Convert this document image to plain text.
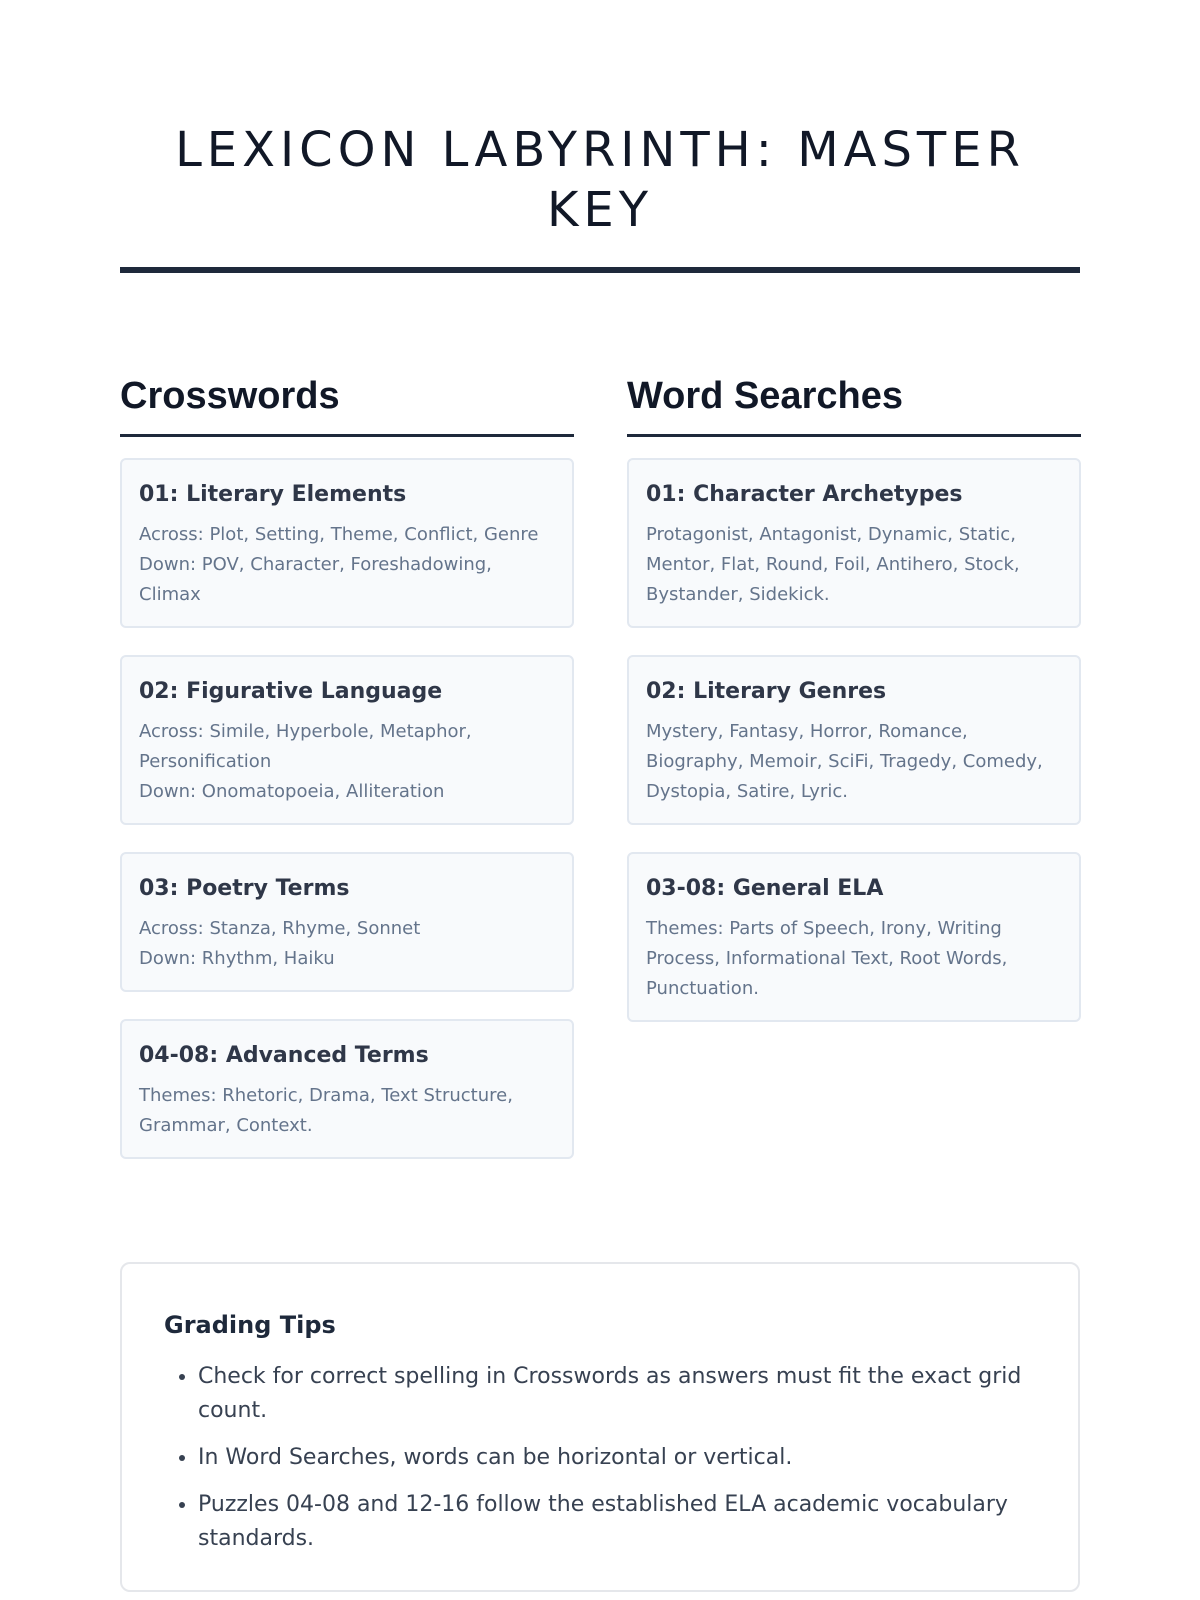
LEXICON LABYRINTH: MASTER KEY
Crosswords
01: Literary Elements

Across: Plot, Setting, Theme, Conflict, Genre

Down: POV, Character, Foreshadowing, Climax

02: Figurative Language

Across: Simile, Hyperbole, Metaphor, Personification

Down: Onomatopoeia, Alliteration

03: Poetry Terms

Across: Stanza, Rhyme, Sonnet

Down: Rhythm, Haiku

04-08: Advanced Terms

Themes: Rhetoric, Drama, Text Structure, Grammar, Context.

Word Searches
01: Character Archetypes

Protagonist, Antagonist, Dynamic, Static, Mentor, Flat, Round, Foil, Antihero, Stock, Bystander, Sidekick.

02: Literary Genres

Mystery, Fantasy, Horror, Romance, Biography, Memoir, SciFi, Tragedy, Comedy, Dystopia, Satire, Lyric.

03-08: General ELA

Themes: Parts of Speech, Irony, Writing Process, Informational Text, Root Words, Punctuation.

Grading Tips
• Check for correct spelling in Crosswords as answers must fit the exact grid count.
• In Word Searches, words can be horizontal or vertical.
• Puzzles 04-08 and 12-16 follow the established ELA academic vocabulary standards.
